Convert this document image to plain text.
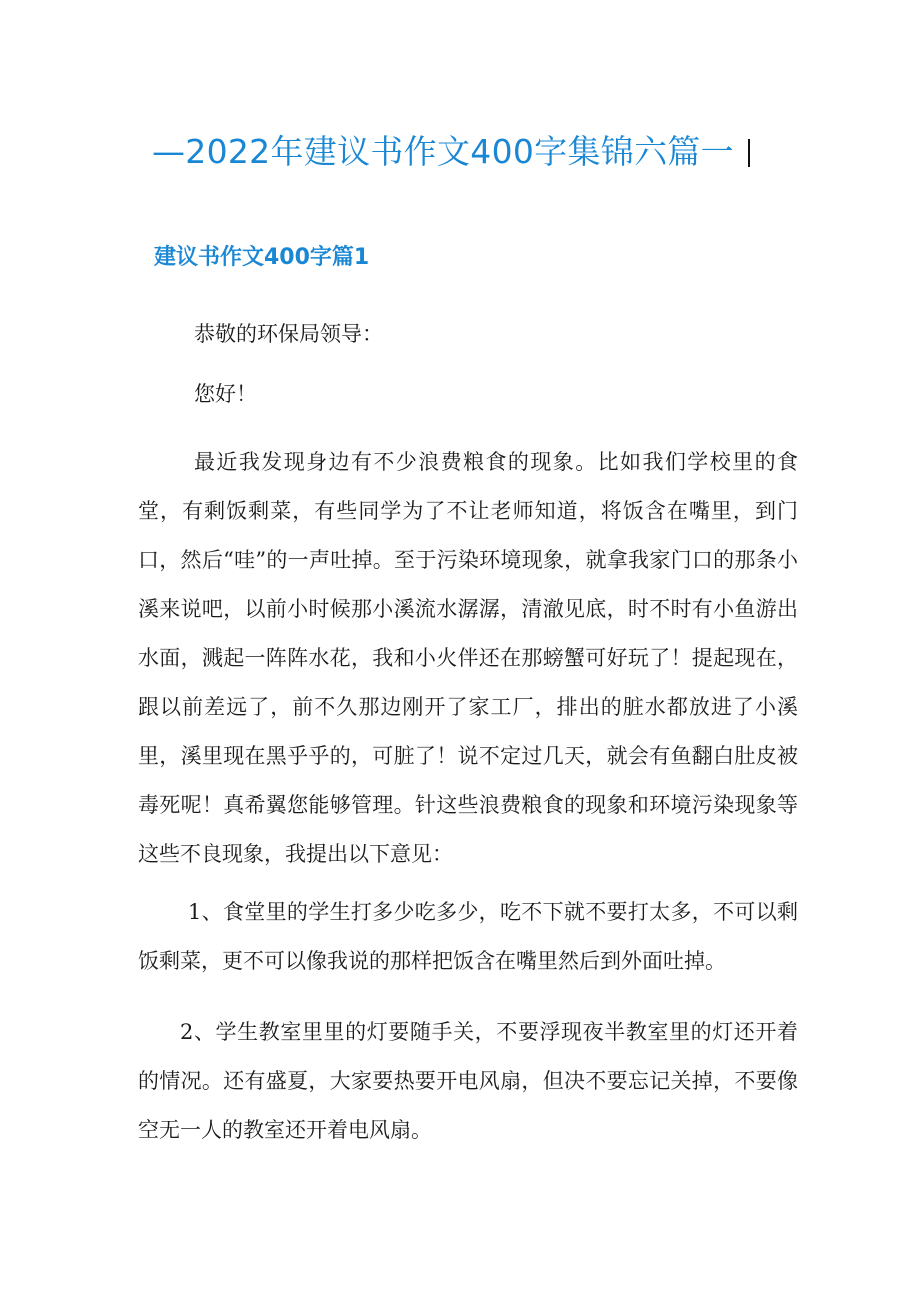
—2022年建议书作文400字集锦六篇一
建议书作文400字篇1

恭敬的环保局领导：

您好！

最近我发现身边有不少浪费粮食的现象。比如我们学校里的食堂，有剩饭剩菜，有些同学为了不让老师知道，将饭含在嘴里，到门口，然后“哇”的一声吐掉。至于污染环境现象，就拿我家门口的那条小溪来说吧，以前小时候那小溪流水潺潺，清澈见底，时不时有小鱼游出水面，溅起一阵阵水花，我和小火伴还在那螃蟹可好玩了！提起现在，跟以前差远了，前不久那边刚开了家工厂，排出的脏水都放进了小溪里，溪里现在黑乎乎的，可脏了！说不定过几天，就会有鱼翻白肚皮被毒死呢！真希翼您能够管理。针这些浪费粮食的现象和环境污染现象等这些不良现象，我提出以下意见：

1、食堂里的学生打多少吃多少，吃不下就不要打太多，不可以剩饭剩菜，更不可以像我说的那样把饭含在嘴里然后到外面吐掉。

2、学生教室里里的灯要随手关，不要浮现夜半教室里的灯还开着的情况。还有盛夏，大家要热要开电风扇，但决不要忘记关掉，不要像空无一人的教室还开着电风扇。
